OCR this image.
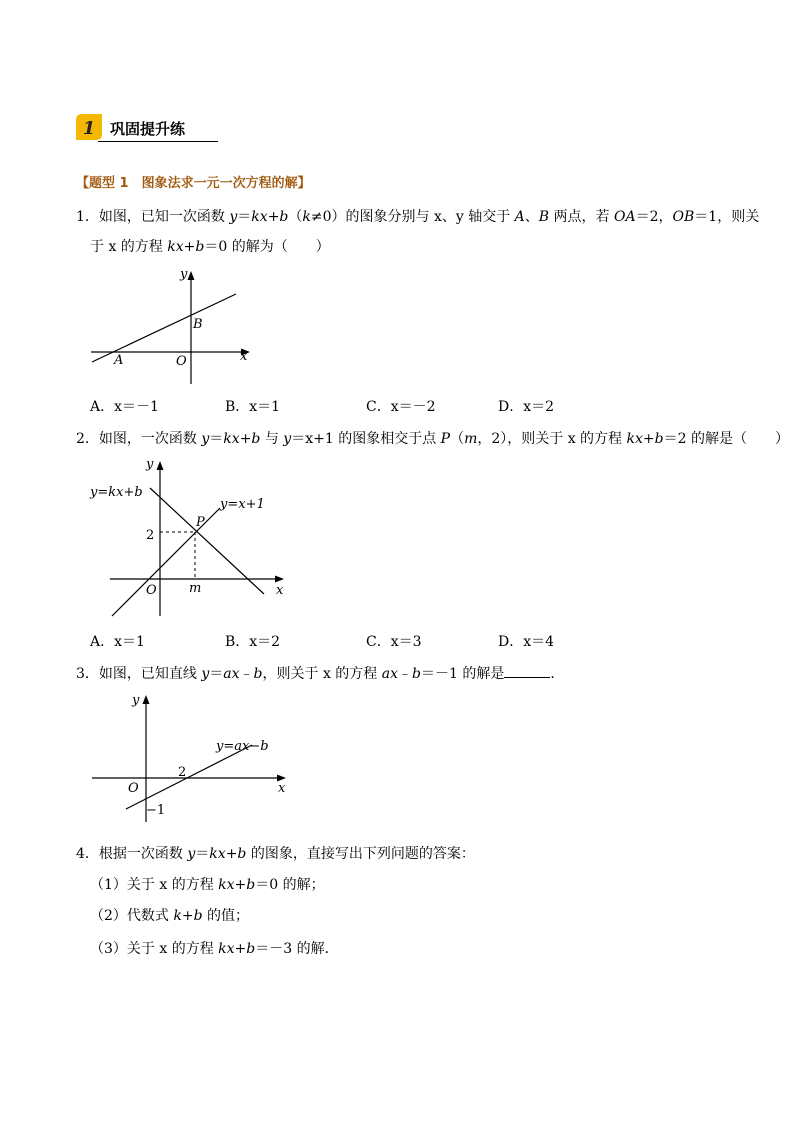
1 巩固提升练
【题型 1　图象法求一元一次方程的解】
1．如图，已知一次函数 y＝kx+b（k≠0）的图象分别与 x、y 轴交于 A、B 两点，若 OA＝2，OB＝1，则关
于 x 的方程 kx+b＝0 的解为（　　）
y
x
B
A	O
A．x＝－1	B．x＝1	C．x＝－2	D．x＝2
2．如图，一次函数 y＝kx+b 与 y＝x+1 的图象相交于点 P（m，2），则关于 x 的方程 kx+b＝2 的解是（　　）
y
x
y=kx+b
y=x+1
P
2
m
O
A．x＝1	B．x＝2	C．x＝3	D．x＝4
3．如图，已知直线 y＝ax﹣b，则关于 x 的方程 ax﹣b＝－1 的解是	．
y
x
y=ax−b
2
O
−1
4．根据一次函数 y＝kx+b 的图象，直接写出下列问题的答案：
（1）关于 x 的方程 kx+b＝0 的解；
（2）代数式 k+b 的值；
（3）关于 x 的方程 kx+b＝－3 的解．
